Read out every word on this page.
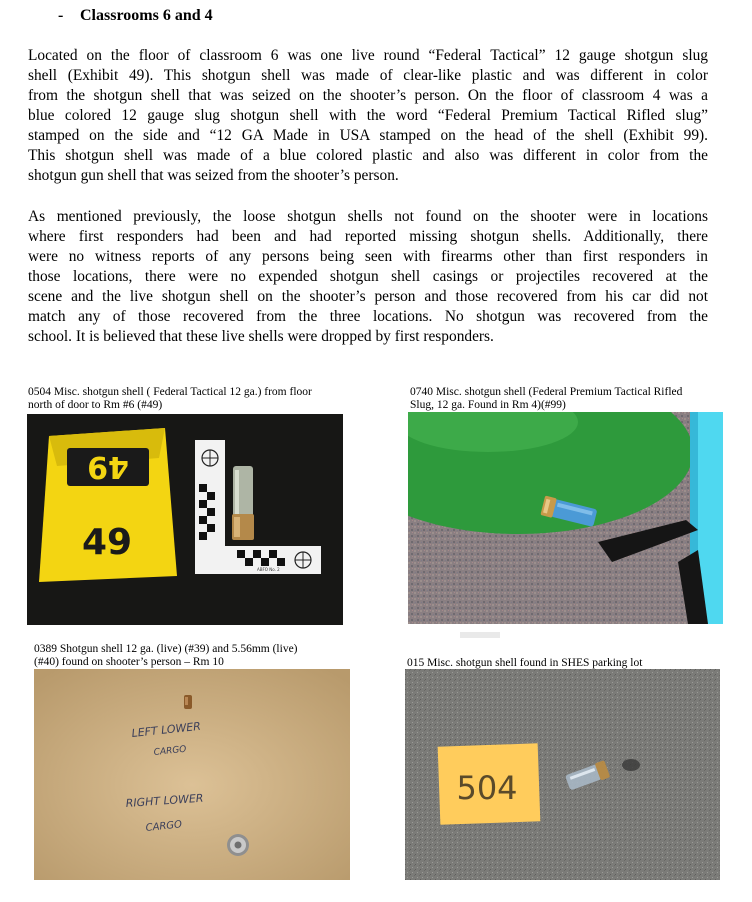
- Classrooms 6 and 4
Located on the floor of classroom 6 was one live round “Federal Tactical” 12 gauge shotgun slug
shell (Exhibit 49). This shotgun shell was made of clear-like plastic and was different in color
from the shotgun shell that was seized on the shooter’s person. On the floor of classroom 4 was a
blue colored 12 gauge slug shotgun shell with the word “Federal Premium Tactical Rifled slug”
stamped on the side and “12 GA Made in USA stamped on the head of the shell (Exhibit 99).
This shotgun shell was made of a blue colored plastic and also was different in color from the
shotgun gun shell that was seized from the shooter’s person.
As mentioned previously, the loose shotgun shells not found on the shooter were in locations
where first responders had been and had reported missing shotgun shells. Additionally, there
were no witness reports of any persons being seen with firearms other than first responders in
those locations, there were no expended shotgun shell casings or projectiles recovered at the
scene and the live shotgun shell on the shooter’s person and those recovered from his car did not
match any of those recovered from the three locations. No shotgun was recovered from the
school. It is believed that these live shells were dropped by first responders.
0504 Misc. shotgun shell ( Federal Tactical 12 ga.) from floor
north of door to Rm #6 (#49)
49
49
ABFO No. 2
0740 Misc. shotgun shell (Federal Premium Tactical Rifled
Slug, 12 ga. Found in Rm 4)(#99)
0389 Shotgun shell 12 ga. (live) (#39) and 5.56mm (live)
(#40) found on shooter’s person – Rm 10
LEFT LOWER
CARGO
RIGHT LOWER
CARGO
015 Misc. shotgun shell found in SHES parking lot
504
